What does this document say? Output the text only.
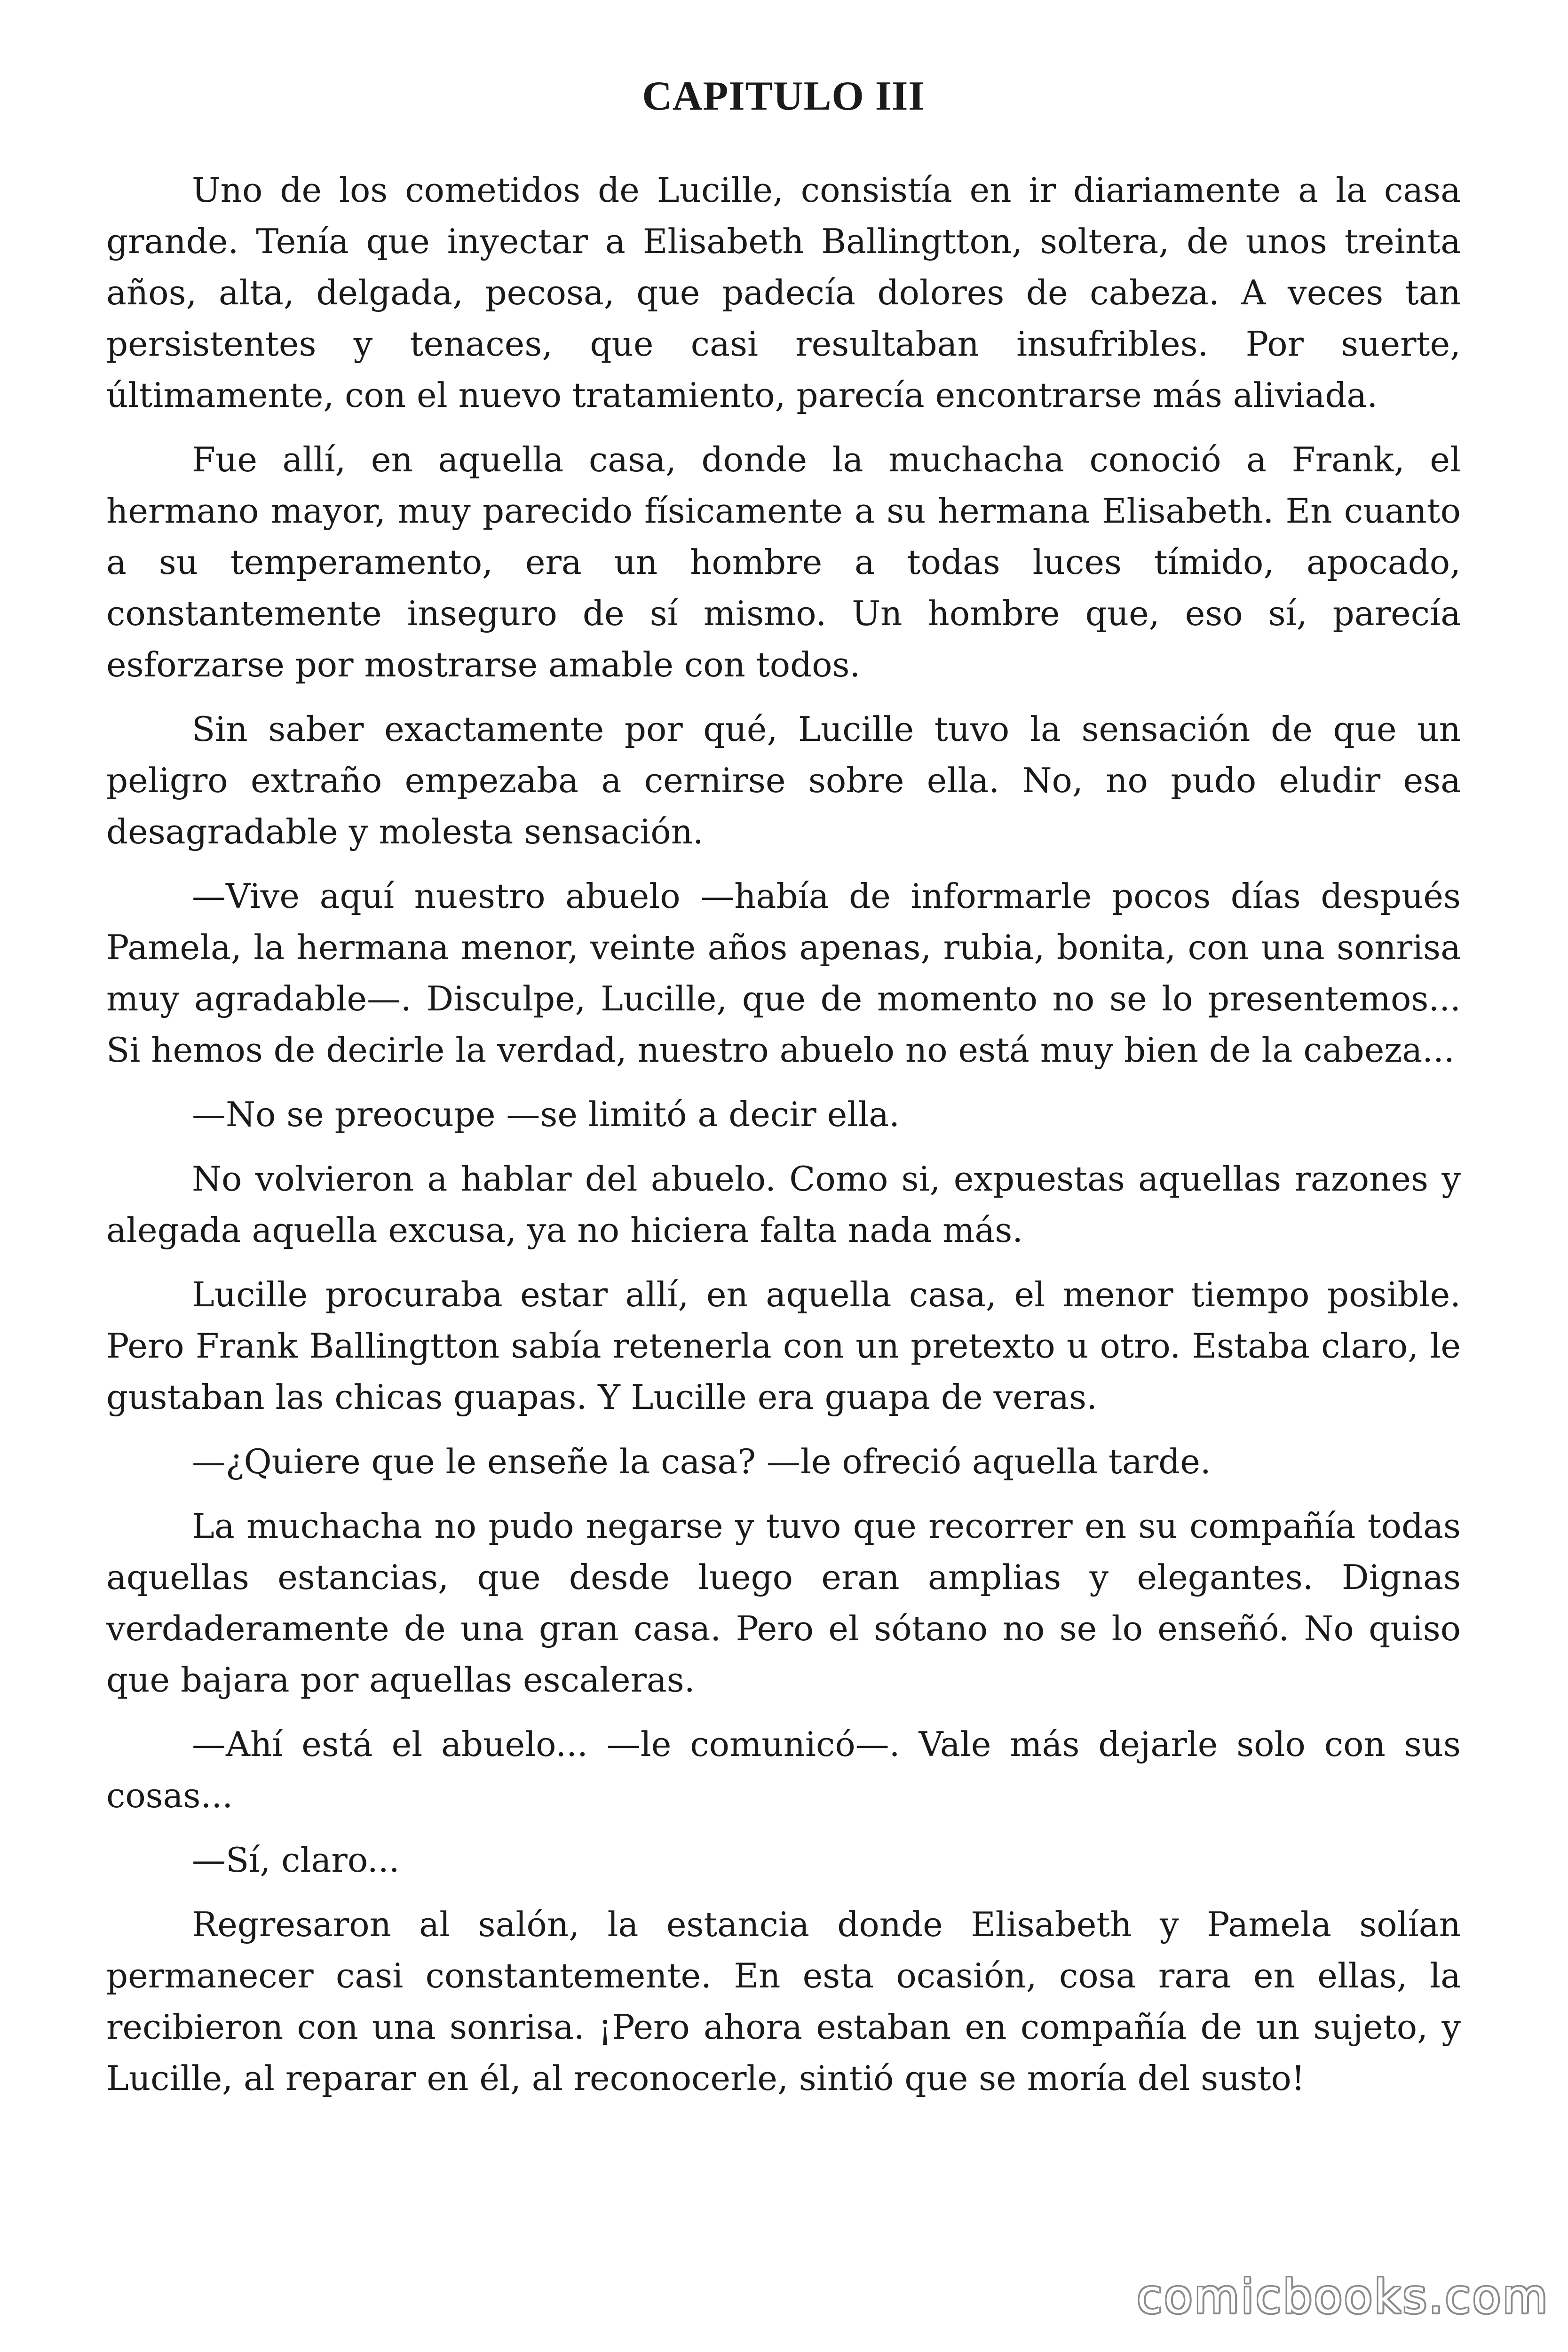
CAPITULO III

Uno de los cometidos de Lucille, consistía en ir diariamente a la casa grande. Tenía que inyectar a Elisabeth Ballingtton, soltera, de unos treinta años, alta, delgada, pecosa, que padecía dolores de cabeza. A veces tan persistentes y tenaces, que casi resultaban insufribles. Por suerte, últimamente, con el nuevo tratamiento, parecía encontrarse más aliviada.

Fue allí, en aquella casa, donde la muchacha conoció a Frank, el hermano mayor, muy parecido físicamente a su hermana Elisabeth. En cuanto a su temperamento, era un hombre a todas luces tímido, apocado, constantemente inseguro de sí mismo. Un hombre que, eso sí, parecía esforzarse por mostrarse amable con todos.

Sin saber exactamente por qué, Lucille tuvo la sensación de que un peligro extraño empezaba a cernirse sobre ella. No, no pudo eludir esa desagradable y molesta sensación.

—Vive aquí nuestro abuelo —había de informarle pocos días después Pamela, la hermana menor, veinte años apenas, rubia, bonita, con una sonrisa muy agradable—. Disculpe, Lucille, que de momento no se lo presentemos... Si hemos de decirle la verdad, nuestro abuelo no está muy bien de la cabeza...

—No se preocupe —se limitó a decir ella.

No volvieron a hablar del abuelo. Como si, expuestas aquellas razones y alegada aquella excusa, ya no hiciera falta nada más.

Lucille procuraba estar allí, en aquella casa, el menor tiempo posible. Pero Frank Ballingtton sabía retenerla con un pretexto u otro. Estaba claro, le gustaban las chicas guapas. Y Lucille era guapa de veras.

—¿Quiere que le enseñe la casa? —le ofreció aquella tarde.

La muchacha no pudo negarse y tuvo que recorrer en su compañía todas aquellas estancias, que desde luego eran amplias y elegantes. Dignas verdaderamente de una gran casa. Pero el sótano no se lo enseñó. No quiso que bajara por aquellas escaleras.

—Ahí está el abuelo... —le comunicó—. Vale más dejarle solo con sus cosas...

—Sí, claro...

Regresaron al salón, la estancia donde Elisabeth y Pamela solían permanecer casi constantemente. En esta ocasión, cosa rara en ellas, la recibieron con una sonrisa. ¡Pero ahora estaban en compañía de un sujeto, y Lucille, al reparar en él, al reconocerle, sintió que se moría del susto!

comicbooks.com
